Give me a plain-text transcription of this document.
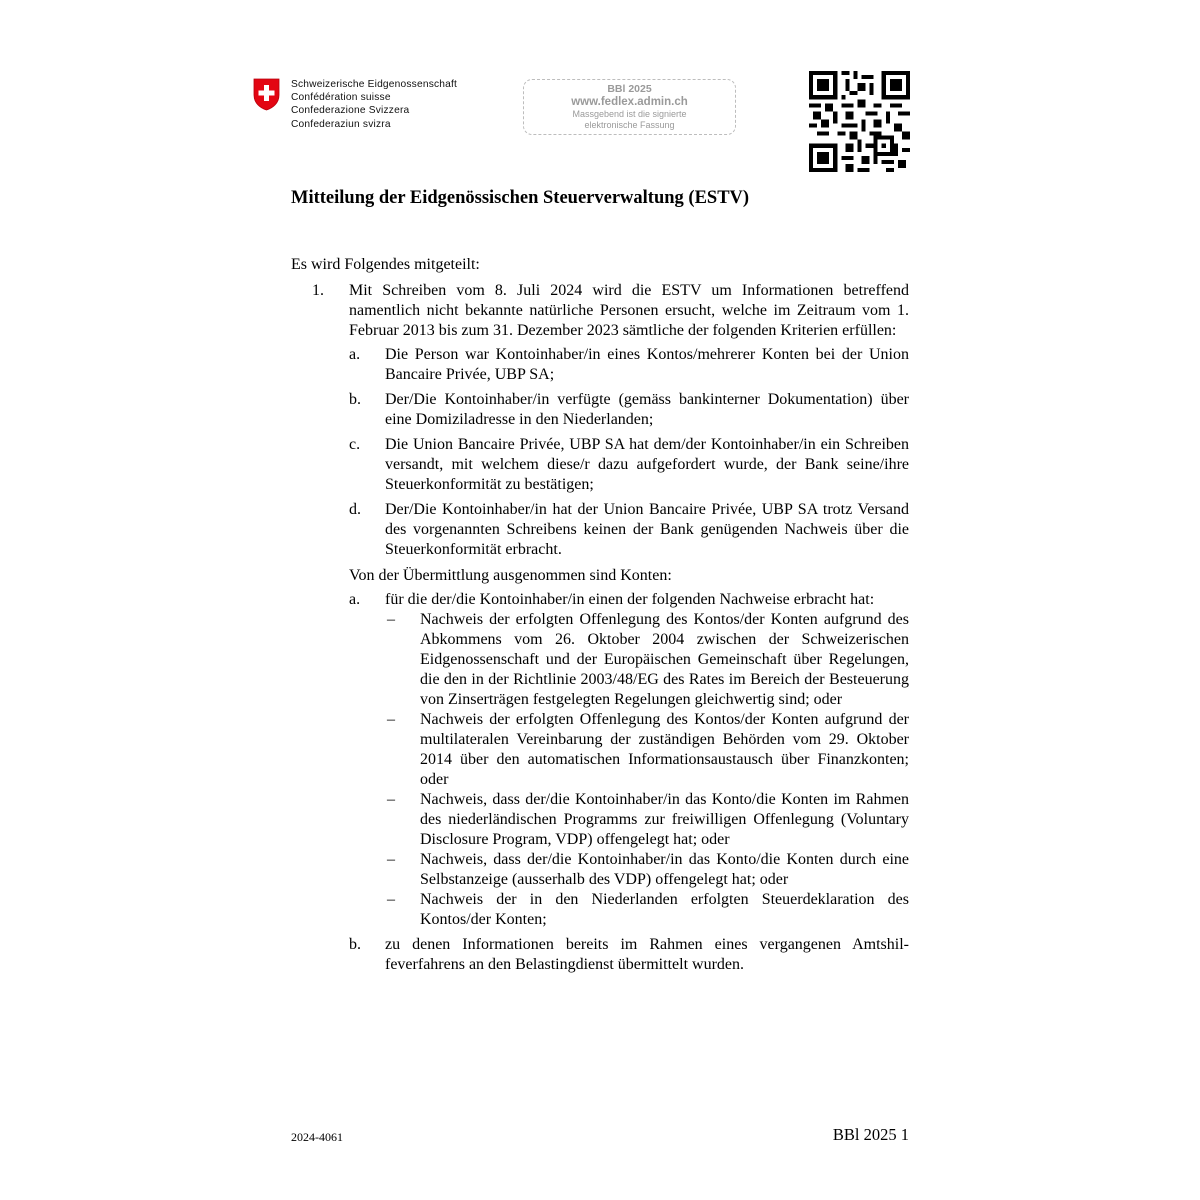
Schweizerische Eidgenossenschaft
Confédération suisse
Confederazione Svizzera
Confederaziun svizra
BBl 2025
www.fedlex.admin.ch
Massgebend ist die signierte
elektronische Fassung
Mitteilung der Eidgenössischen Steuerverwaltung (ESTV)
Es wird Folgendes mitgeteilt:
1. Mit Schreiben vom 8. Juli 2024 wird die ESTV um Informationen betreffend namentlich nicht bekannte natürliche Personen ersucht, welche im Zeitraum vom 1. Februar 2013 bis zum 31. Dezember 2023 sämtliche der folgenden Kriterien erfüllen:
a. Die Person war Kontoinhaber/in eines Kontos/mehrerer Konten bei der Union Bancaire Privée, UBP SA;
b. Der/Die Kontoinhaber/in verfügte (gemäss bankinterner Dokumentation) über eine Domiziladresse in den Niederlanden;
c. Die Union Bancaire Privée, UBP SA hat dem/der Kontoinhaber/in ein Schreiben versandt, mit welchem diese/r dazu aufgefordert wurde, der Bank seine/ihre Steuerkonformität zu bestätigen;
d. Der/Die Kontoinhaber/in hat der Union Bancaire Privée, UBP SA trotz Versand des vorgenannten Schreibens keinen der Bank genügenden Nachweis über die Steuerkonformität erbracht.
Von der Übermittlung ausgenommen sind Konten:
a. für die der/die Kontoinhaber/in einen der folgenden Nachweise erbracht hat:
– Nachweis der erfolgten Offenlegung des Kontos/der Konten aufgrund des Abkommens vom 26. Oktober 2004 zwischen der Schweizerischen Eidgenossenschaft und der Europäischen Gemeinschaft über Regelungen, die den in der Richtlinie 2003/48/EG des Rates im Bereich der Besteuerung von Zinserträgen festgelegten Regelungen gleichwertig sind; oder
– Nachweis der erfolgten Offenlegung des Kontos/der Konten aufgrund der multilateralen Vereinbarung der zuständigen Behörden vom 29. Oktober 2014 über den automatischen Informationsaustausch über Finanzkonten; oder
– Nachweis, dass der/die Kontoinhaber/in das Konto/die Konten im Rahmen des niederländischen Programms zur freiwilligen Offenlegung (Voluntary Disclosure Program, VDP) offengelegt hat; oder
– Nachweis, dass der/die Kontoinhaber/in das Konto/die Konten durch eine Selbstanzeige (ausserhalb des VDP) offengelegt hat; oder
– Nachweis der in den Niederlanden erfolgten Steuerdeklaration des Kontos/der Konten;
b. zu denen Informationen bereits im Rahmen eines vergangenen Amtshilfeverfahrens an den Belastingdienst übermittelt wurden.
2024-4061	BBl 2025 1
